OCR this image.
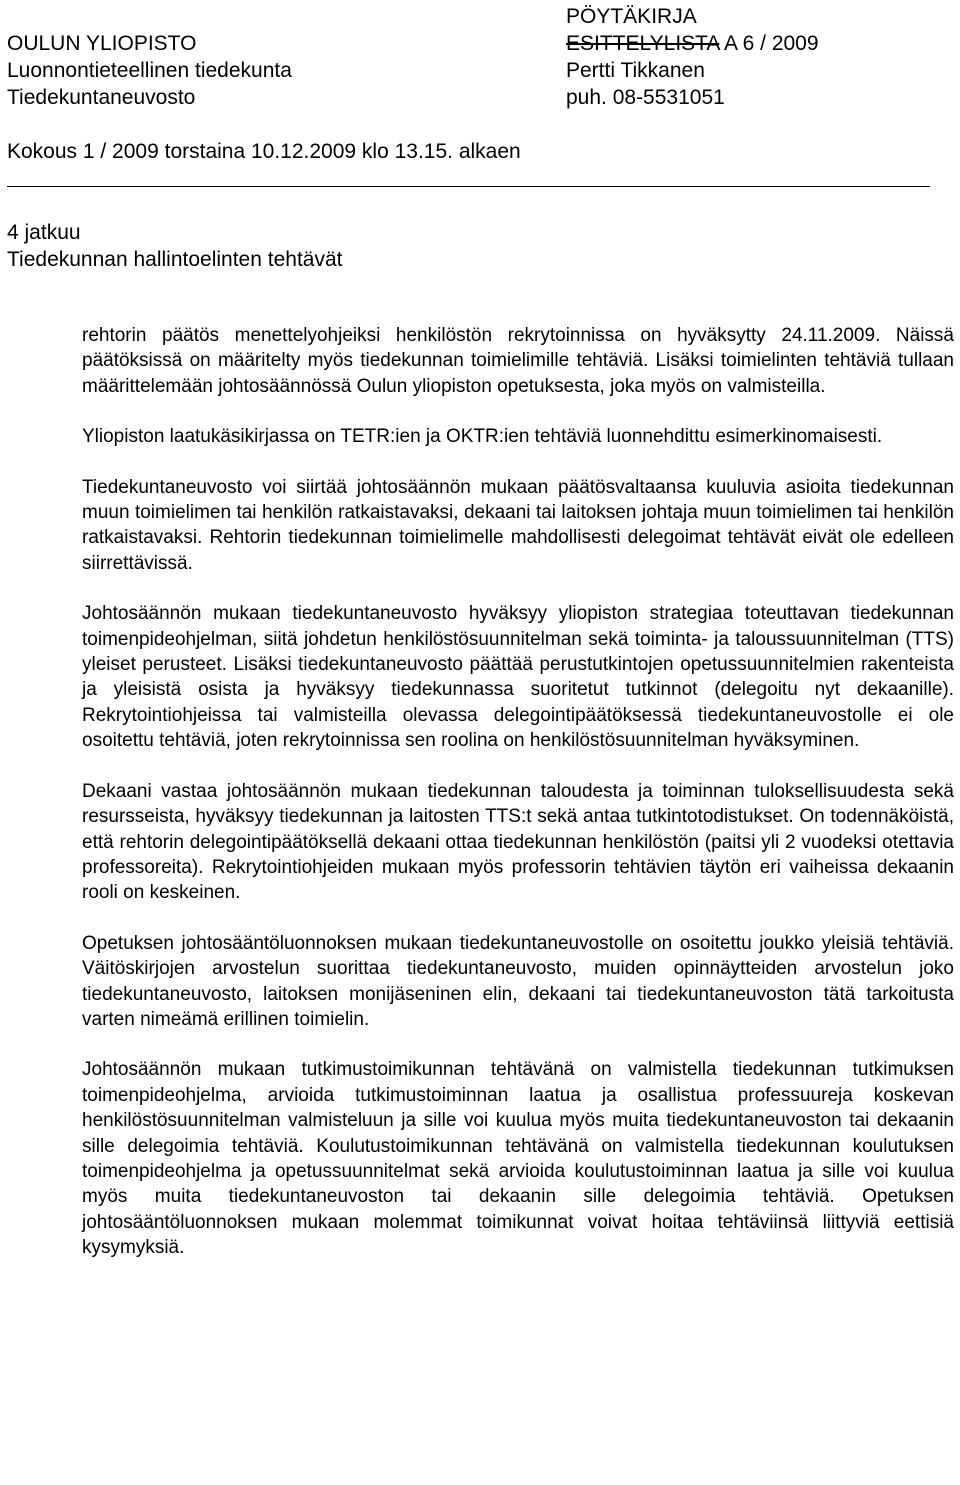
OULUN YLIOPISTO
Luonnontieteellinen tiedekunta
Tiedekuntaneuvosto
PÖYTÄKIRJA
ESITTELYLISTA A 6 / 2009
Pertti Tikkanen
puh. 08-5531051
Kokous 1 / 2009 torstaina 10.12.2009 klo 13.15. alkaen
4 jatkuu
Tiedekunnan hallintoelinten tehtävät

rehtorin päätös menettelyohjeiksi henkilöstön rekrytoinnissa on hyväksytty 24.11.2009. Näissä päätöksissä on määritelty myös tiedekunnan toimielimille tehtäviä. Lisäksi toimielinten tehtäviä tullaan määrittelemään johtosäännössä Oulun yliopiston opetuksesta, joka myös on valmisteilla.

Yliopiston laatukäsikirjassa on TETR:ien ja OKTR:ien tehtäviä luonnehdittu esimerkinomaisesti.

Tiedekuntaneuvosto voi siirtää johtosäännön mukaan päätösvaltaansa kuuluvia asioita tiedekunnan muun toimielimen tai henkilön ratkaistavaksi, dekaani tai laitoksen johtaja muun toimielimen tai henkilön ratkaistavaksi. Rehtorin tiedekunnan toimielimelle mahdollisesti delegoimat tehtävät eivät ole edelleen siirrettävissä.

Johtosäännön mukaan tiedekuntaneuvosto hyväksyy yliopiston strategiaa toteuttavan tiedekunnan toimenpideohjelman, siitä johdetun henkilöstösuunnitelman sekä toiminta- ja taloussuunnitelman (TTS) yleiset perusteet. Lisäksi tiedekuntaneuvosto päättää perustutkintojen opetussuunnitelmien rakenteista ja yleisistä osista ja hyväksyy tiedekunnassa suoritetut tutkinnot (delegoitu nyt dekaanille). Rekrytointiohjeissa tai valmisteilla olevassa delegointipäätöksessä tiedekuntaneuvostolle ei ole osoitettu tehtäviä, joten rekrytoinnissa sen roolina on henkilöstösuunnitelman hyväksyminen.

Dekaani vastaa johtosäännön mukaan tiedekunnan taloudesta ja toiminnan tuloksellisuudesta sekä resursseista, hyväksyy tiedekunnan ja laitosten TTS:t sekä antaa tutkintotodistukset. On todennäköistä, että rehtorin delegointipäätöksellä dekaani ottaa tiedekunnan henkilöstön (paitsi yli 2 vuodeksi otettavia professoreita). Rekrytointiohjeiden mukaan myös professorin tehtävien täytön eri vaiheissa dekaanin rooli on keskeinen.

Opetuksen johtosääntöluonnoksen mukaan tiedekuntaneuvostolle on osoitettu joukko yleisiä tehtäviä. Väitöskirjojen arvostelun suorittaa tiedekuntaneuvosto, muiden opinnäytteiden arvostelun joko tiedekuntaneuvosto, laitoksen monijäseninen elin, dekaani tai tiedekuntaneuvoston tätä tarkoitusta varten nimeämä erillinen toimielin.

Johtosäännön mukaan tutkimustoimikunnan tehtävänä on valmistella tiedekunnan tutkimuksen toimenpideohjelma, arvioida tutkimustoiminnan laatua ja osallistua professuureja koskevan henkilöstösuunnitelman valmisteluun ja sille voi kuulua myös muita tiedekuntaneuvoston tai dekaanin sille delegoimia tehtäviä. Koulutustoimikunnan tehtävänä on valmistella tiedekunnan koulutuksen toimenpideohjelma ja opetussuunnitelmat sekä arvioida koulutustoiminnan laatua ja sille voi kuulua myös muita tiedekuntaneuvoston tai dekaanin sille delegoimia tehtäviä. Opetuksen johtosääntöluonnoksen mukaan molemmat toimikunnat voivat hoitaa tehtäviinsä liittyviä eettisiä kysymyksiä.
